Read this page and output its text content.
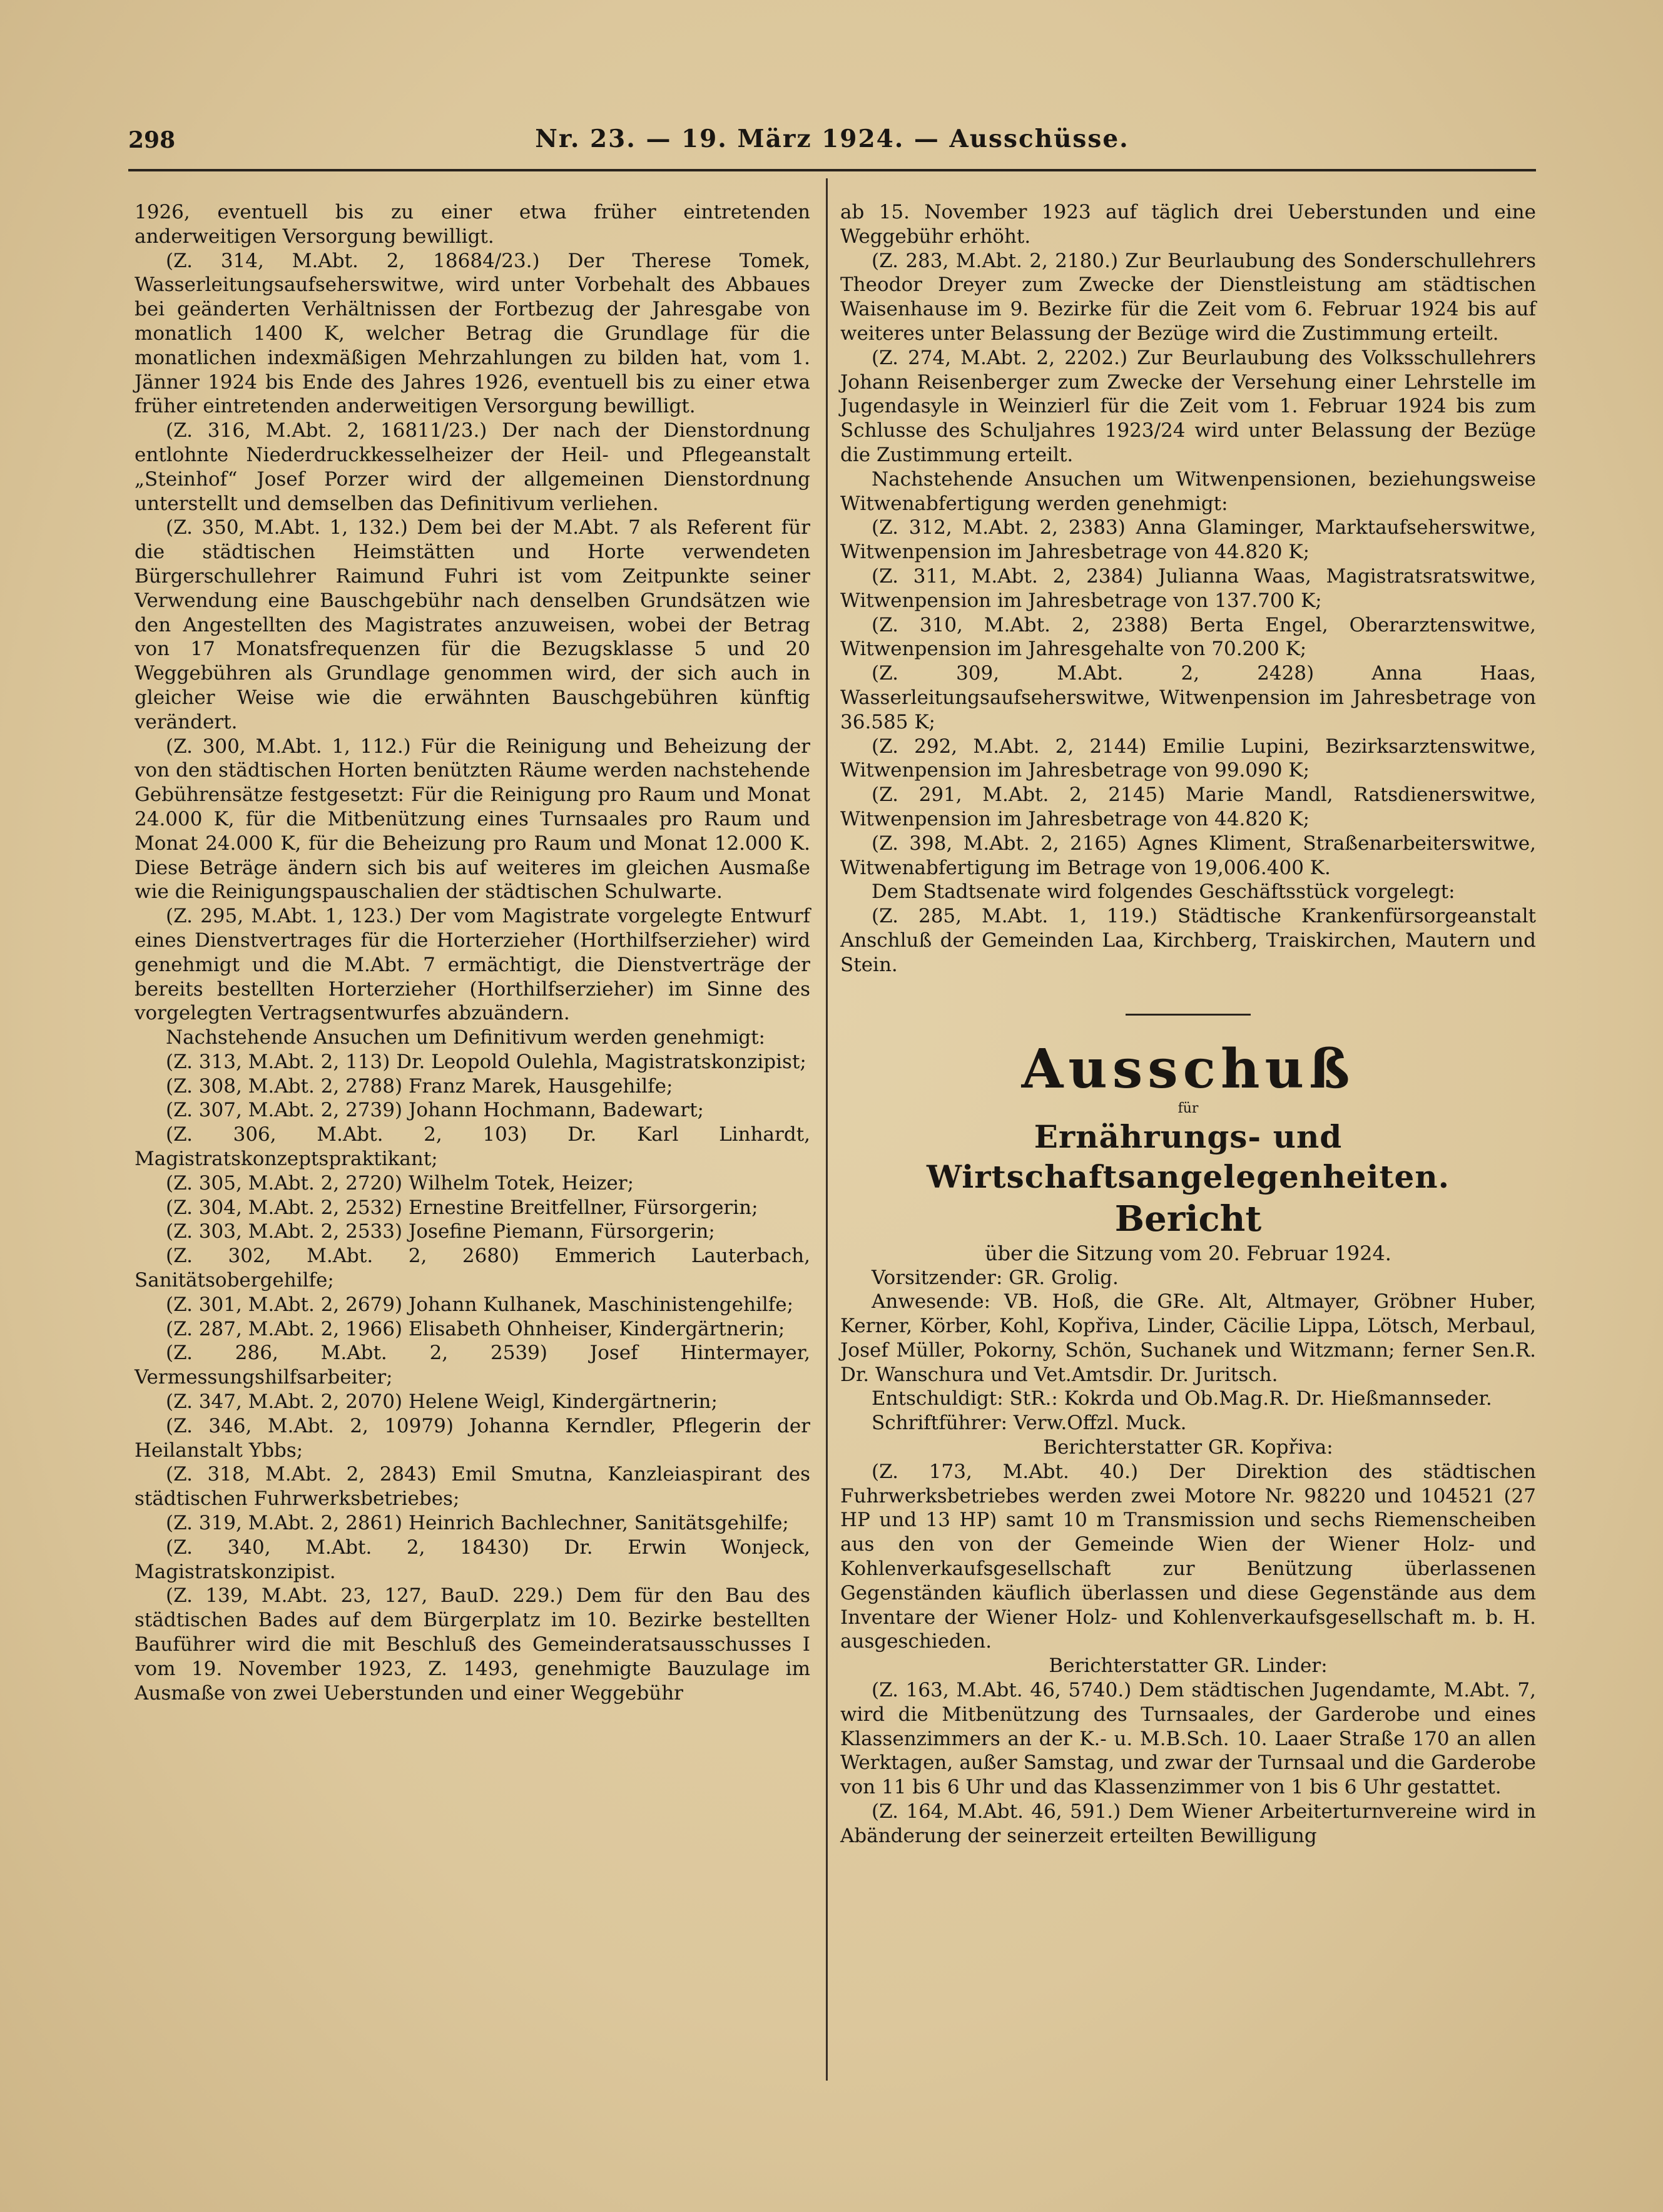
298	Nr. 23. — 19. März 1924. — Ausschüsse.

1926, eventuell bis zu einer etwa früher eintretenden anderweitigen Versorgung bewilligt.

(Z. 314, M.Abt. 2, 18684/23.) Der Therese Tomek, Wasserleitungsaufseherswitwe, wird unter Vorbehalt des Abbaues bei geänderten Verhältnissen der Fortbezug der Jahresgabe von monatlich 1400 K, welcher Betrag die Grundlage für die monatlichen indexmäßigen Mehrzahlungen zu bilden hat, vom 1. Jänner 1924 bis Ende des Jahres 1926, eventuell bis zu einer etwa früher eintretenden anderweitigen Versorgung bewilligt.

(Z. 316, M.Abt. 2, 16811/23.) Der nach der Dienstordnung entlohnte Niederdruckkesselheizer der Heil- und Pflegeanstalt „Steinhof“ Josef Porzer wird der allgemeinen Dienstordnung unterstellt und demselben das Definitivum verliehen.

(Z. 350, M.Abt. 1, 132.) Dem bei der M.Abt. 7 als Referent für die städtischen Heimstätten und Horte verwendeten Bürgerschullehrer Raimund Fuhri ist vom Zeitpunkte seiner Verwendung eine Bauschgebühr nach denselben Grundsätzen wie den Angestellten des Magistrates anzuweisen, wobei der Betrag von 17 Monatsfrequenzen für die Bezugsklasse 5 und 20 Weggebühren als Grundlage genommen wird, der sich auch in gleicher Weise wie die erwähnten Bauschgebühren künftig verändert.

(Z. 300, M.Abt. 1, 112.) Für die Reinigung und Beheizung der von den städtischen Horten benützten Räume werden nachstehende Gebührensätze festgesetzt: Für die Reinigung pro Raum und Monat 24.000 K, für die Mitbenützung eines Turnsaales pro Raum und Monat 24.000 K, für die Beheizung pro Raum und Monat 12.000 K. Diese Beträge ändern sich bis auf weiteres im gleichen Ausmaße wie die Reinigungspauschalien der städtischen Schulwarte.

(Z. 295, M.Abt. 1, 123.) Der vom Magistrate vorgelegte Entwurf eines Dienstvertrages für die Horterzieher (Horthilfserzieher) wird genehmigt und die M.Abt. 7 ermächtigt, die Dienstverträge der bereits bestellten Horterzieher (Horthilfserzieher) im Sinne des vorgelegten Vertragsentwurfes abzuändern.

Nachstehende Ansuchen um Definitivum werden genehmigt:

(Z. 313, M.Abt. 2, 113) Dr. Leopold Oulehla, Magistratskonzipist;

(Z. 308, M.Abt. 2, 2788) Franz Marek, Hausgehilfe;

(Z. 307, M.Abt. 2, 2739) Johann Hochmann, Badewart;

(Z. 306, M.Abt. 2, 103) Dr. Karl Linhardt, Magistratskonzeptspraktikant;

(Z. 305, M.Abt. 2, 2720) Wilhelm Totek, Heizer;

(Z. 304, M.Abt. 2, 2532) Ernestine Breitfellner, Fürsorgerin;

(Z. 303, M.Abt. 2, 2533) Josefine Piemann, Fürsorgerin;

(Z. 302, M.Abt. 2, 2680) Emmerich Lauterbach, Sanitätsobergehilfe;

(Z. 301, M.Abt. 2, 2679) Johann Kulhanek, Maschinistengehilfe;

(Z. 287, M.Abt. 2, 1966) Elisabeth Ohnheiser, Kindergärtnerin;

(Z. 286, M.Abt. 2, 2539) Josef Hintermayer, Vermessungshilfsarbeiter;

(Z. 347, M.Abt. 2, 2070) Helene Weigl, Kindergärtnerin;

(Z. 346, M.Abt. 2, 10979) Johanna Kerndler, Pflegerin der Heilanstalt Ybbs;

(Z. 318, M.Abt. 2, 2843) Emil Smutna, Kanzleiaspirant des städtischen Fuhrwerksbetriebes;

(Z. 319, M.Abt. 2, 2861) Heinrich Bachlechner, Sanitätsgehilfe;

(Z. 340, M.Abt. 2, 18430) Dr. Erwin Wonjeck, Magistratskonzipist.

(Z. 139, M.Abt. 23, 127, BauD. 229.) Dem für den Bau des städtischen Bades auf dem Bürgerplatz im 10. Bezirke bestellten Bauführer wird die mit Beschluß des Gemeinderatsausschusses I vom 19. November 1923, Z. 1493, genehmigte Bauzulage im Ausmaße von zwei Ueberstunden und einer Weggebühr

ab 15. November 1923 auf täglich drei Ueberstunden und eine Weggebühr erhöht.

(Z. 283, M.Abt. 2, 2180.) Zur Beurlaubung des Sonderschullehrers Theodor Dreyer zum Zwecke der Dienstleistung am städtischen Waisenhause im 9. Bezirke für die Zeit vom 6. Februar 1924 bis auf weiteres unter Belassung der Bezüge wird die Zustimmung erteilt.

(Z. 274, M.Abt. 2, 2202.) Zur Beurlaubung des Volksschullehrers Johann Reisenberger zum Zwecke der Versehung einer Lehrstelle im Jugendasyle in Weinzierl für die Zeit vom 1. Februar 1924 bis zum Schlusse des Schuljahres 1923/24 wird unter Belassung der Bezüge die Zustimmung erteilt.

Nachstehende Ansuchen um Witwenpensionen, beziehungsweise Witwenabfertigung werden genehmigt:

(Z. 312, M.Abt. 2, 2383) Anna Glaminger, Marktaufseherswitwe, Witwenpension im Jahresbetrage von 44.820 K;

(Z. 311, M.Abt. 2, 2384) Julianna Waas, Magistratsratswitwe, Witwenpension im Jahresbetrage von 137.700 K;

(Z. 310, M.Abt. 2, 2388) Berta Engel, Oberarztenswitwe, Witwenpension im Jahresgehalte von 70.200 K;

(Z. 309, M.Abt. 2, 2428) Anna Haas, Wasserleitungsaufseherswitwe, Witwenpension im Jahresbetrage von 36.585 K;

(Z. 292, M.Abt. 2, 2144) Emilie Lupini, Bezirksarztenswitwe, Witwenpension im Jahresbetrage von 99.090 K;

(Z. 291, M.Abt. 2, 2145) Marie Mandl, Ratsdienerswitwe, Witwenpension im Jahresbetrage von 44.820 K;

(Z. 398, M.Abt. 2, 2165) Agnes Kliment, Straßenarbeiterswitwe, Witwenabfertigung im Betrage von 19,006.400 K.

Dem Stadtsenate wird folgendes Geschäftsstück vorgelegt:

(Z. 285, M.Abt. 1, 119.) Städtische Krankenfürsorgeanstalt Anschluß der Gemeinden Laa, Kirchberg, Traiskirchen, Mautern und Stein.

Ausschuß
für
Ernährungs- und Wirtschaftsangelegenheiten.
Bericht
über die Sitzung vom 20. Februar 1924.

Vorsitzender: GR. Grolig.

Anwesende: VB. Hoß, die GRe. Alt, Altmayer, Gröbner Huber, Kerner, Körber, Kohl, Kopřiva, Linder, Cäcilie Lippa, Lötsch, Merbaul, Josef Müller, Pokorny, Schön, Suchanek und Witzmann; ferner Sen.R. Dr. Wanschura und Vet.Amtsdir. Dr. Juritsch.

Entschuldigt: StR.: Kokrda und Ob.Mag.R. Dr. Hießmannseder.

Schriftführer: Verw.Offzl. Muck.

Berichterstatter GR. Kopřiva:

(Z. 173, M.Abt. 40.) Der Direktion des städtischen Fuhrwerksbetriebes werden zwei Motore Nr. 98220 und 104521 (27 HP und 13 HP) samt 10 m Transmission und sechs Riemenscheiben aus den von der Gemeinde Wien der Wiener Holz- und Kohlenverkaufsgesellschaft zur Benützung überlassenen Gegenständen käuflich überlassen und diese Gegenstände aus dem Inventare der Wiener Holz- und Kohlenverkaufsgesellschaft m. b. H. ausgeschieden.

Berichterstatter GR. Linder:

(Z. 163, M.Abt. 46, 5740.) Dem städtischen Jugendamte, M.Abt. 7, wird die Mitbenützung des Turnsaales, der Garderobe und eines Klassenzimmers an der K.- u. M.B.Sch. 10. Laaer Straße 170 an allen Werktagen, außer Samstag, und zwar der Turnsaal und die Garderobe von 11 bis 6 Uhr und das Klassenzimmer von 1 bis 6 Uhr gestattet.

(Z. 164, M.Abt. 46, 591.) Dem Wiener Arbeiterturnvereine wird in Abänderung der seinerzeit erteilten Bewilligung
